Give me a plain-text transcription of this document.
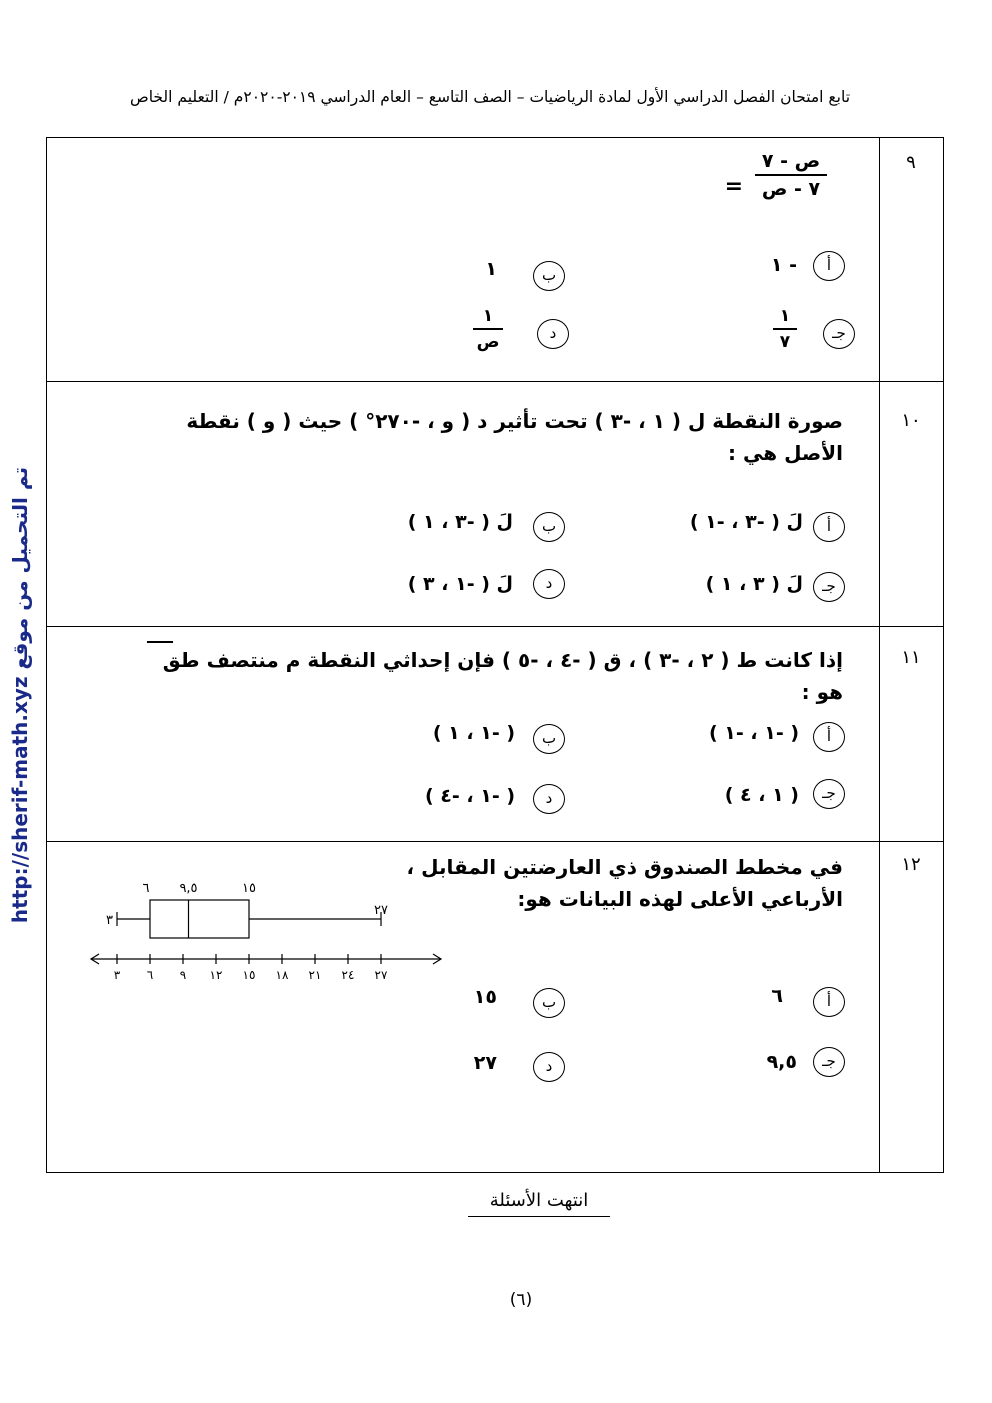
تابع امتحان الفصل الدراسي الأول لمادة الرياضيات – الصف التاسع – العام الدراسي ٢٠١٩-٢٠٢٠م / التعليم الخاص
http://sherif-math.xyz تم التحميل من موقع
٩
ص - ٧
٧ - ص
=
أ
- ١
ب
١
جـ
١
٧
د
١
ص
١٠
صورة النقطة ل ( ١ ، -٣ ) تحت تأثير د ( و ، -٢٧٠° ) حيث ( و ) نقطة
الأصل هي :
أ
لَ ( -٣ ، -١ )
ب
لَ ( -٣ ، ١ )
جـ
لَ ( ٣ ، ١ )
د
لَ ( -١ ، ٣ )
١١
إذا كانت ط ( ٢ ، -٣ ) ، ق ( -٤ ، -٥ ) فإن إحداثي النقطة م منتصف طق
هو :
أ
( -١ ، -١ )
ب
( -١ ، ١ )
جـ
( ١ ، ٤ )
د
( -١ ، -٤ )
١٢
في مخطط الصندوق ذي العارضتين المقابل ،
الأرباعي الأعلى لهذه البيانات هو:
٦ ٩,٥	١٥
٣
٢٧
٣ ٦ ٩ ١٢ ١٥ ١٨ ٢١ ٢٤ ٢٧
أ
٦
ب
١٥
جـ
٩,٥
د
٢٧
انتهت الأسئلة
(٦)
